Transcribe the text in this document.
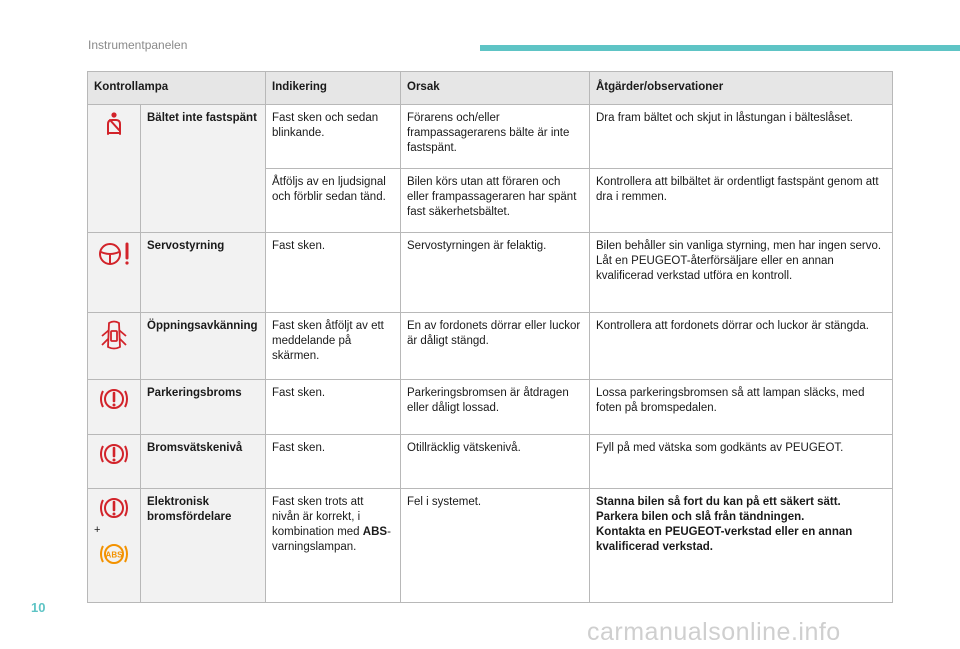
Instrumentpanelen
Kontrollampa		Indikering	Orsak	Åtgärder/observationer

	Bältet inte fastspänt	Fast sken och sedan blinkande.	Förarens och/eller frampassagerarens bälte är inte fastspänt.	Dra fram bältet och skjut in låstungan i bälteslåset.
		Åtföljs av en ljudsignal och förblir sedan tänd.	Bilen körs utan att föraren och eller frampassageraren har spänt fast säkerhetsbältet.	Kontrollera att bilbältet är ordentligt fastspänt genom att dra i remmen.

	Servostyrning	Fast sken.	Servostyrningen är felaktig.	Bilen behåller sin vanliga styrning, men har ingen servo.
Låt en PEUGEOT-återförsäljare eller en annan kvalificerad verkstad utföra en kontroll.

	Öppningsavkänning	Fast sken åtföljt av ett meddelande på skärmen.	En av fordonets dörrar eller luckor är dåligt stängd.	Kontrollera att fordonets dörrar och luckor är stängda.

	Parkeringsbroms	Fast sken.	Parkeringsbromsen är åtdragen eller dåligt lossad.	Lossa parkeringsbromsen så att lampan släcks, med foten på bromspedalen.

	Bromsvätskenivå	Fast sken.	Otillräcklig vätskenivå.	Fyll på med vätska som godkänts av PEUGEOT.

+
ABS	Elektronisk bromsfördelare	Fast sken trots att nivån är korrekt, i kombination med ABS-varningslampan.	Fel i systemet.	Stanna bilen så fort du kan på ett säkert sätt.
Parkera bilen och slå från tändningen.
Kontakta en PEUGEOT-verkstad eller en annan kvalificerad verkstad.
10
carmanualsonline.info
